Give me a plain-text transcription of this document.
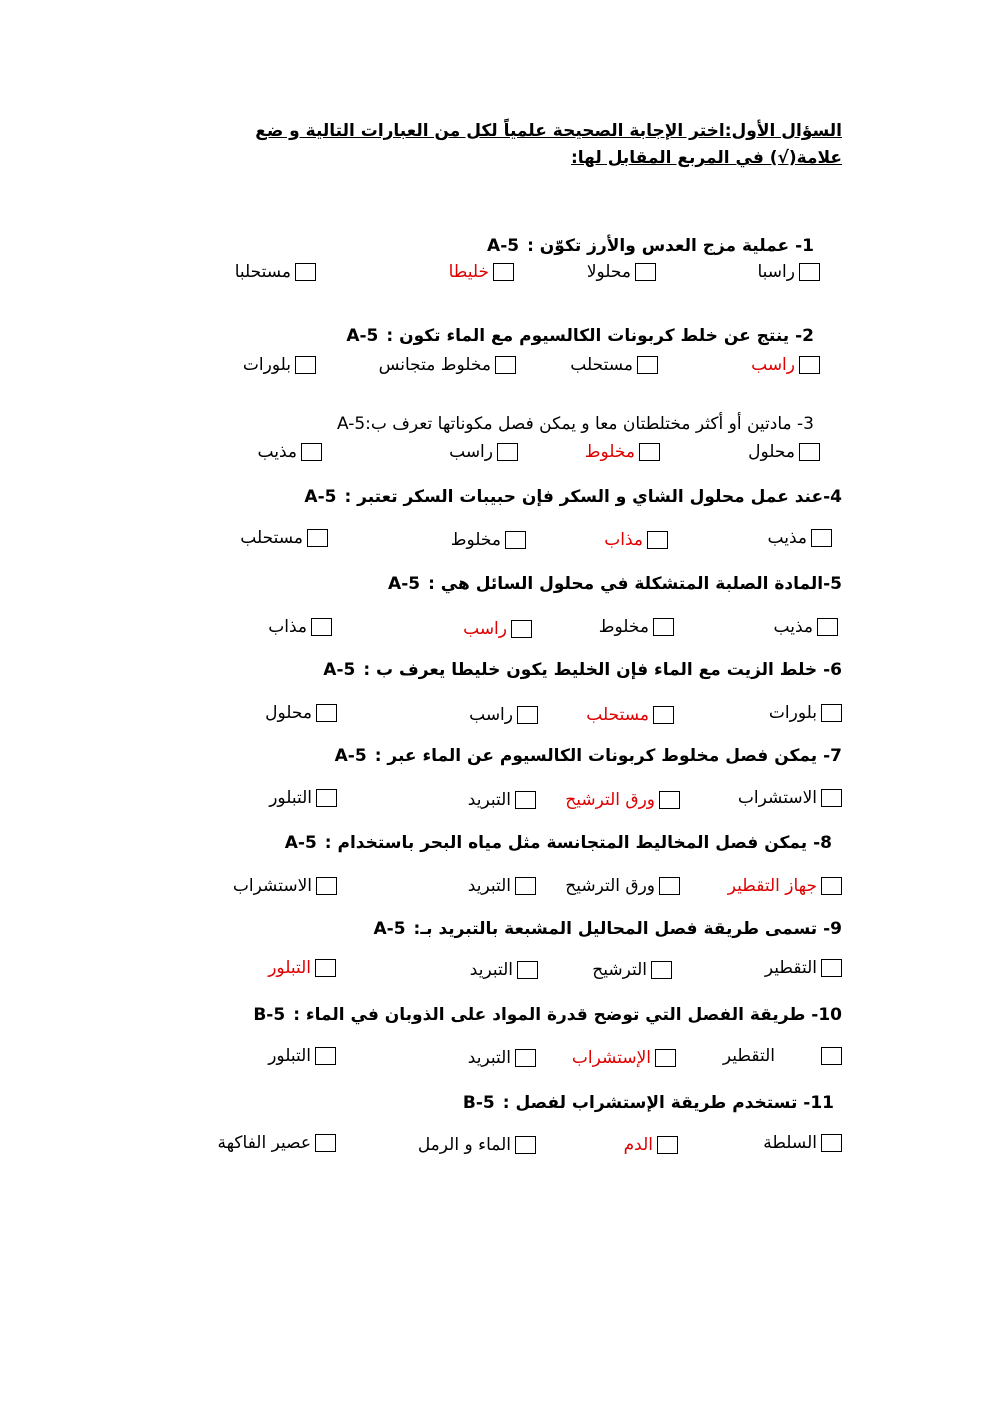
السؤال الأول:اختر الإجابة الصحيحة علمياً لكل من العبارات التالية و ضع علامة(√) في المربع المقابل لها:
1- عملية مزج العدس والأرز تكوّن :A-5
راسبا
محلولا
خليطا
مستحلبا
2- ينتج عن خلط كربونات الكالسيوم مع الماء تكون :A-5
راسب
مستحلب
مخلوط متجانس
بلورات
3- مادتين أو أكثر مختلطتان معا و يمكن فصل مكوناتها تعرف ب:A-5
محلول
مخلوط
راسب
مذيب
4-عند عمل محلول الشاي و السكر فإن حبيبات السكر تعتبر :A-5
مذيب
مذاب
مخلوط
مستحلب
5-المادة الصلبة المتشكلة في محلول السائل هي :A-5
مذيب
مخلوط
راسب
مذاب
6- خلط الزيت مع الماء فإن الخليط يكون خليطا يعرف ب :A-5
بلورات
مستحلب
راسب
محلول
7- يمكن فصل مخلوط كربونات الكالسيوم عن الماء عبر :A-5
الاستشراب
ورق الترشيح
التبريد
التبلور
8- يمكن فصل المخاليط المتجانسة مثل مياه البحر باستخدام :A-5
جهاز التقطير
ورق الترشيح
التبريد
الاستشراب
9- تسمى طريقة فصل المحاليل المشبعة بالتبريد بـ:A-5
التقطير
الترشيح
التبريد
التبلور
10- طريقة الفصل التي توضح قدرة المواد على الذوبان في الماء :B-5
التقطير
الإستشراب
التبريد
التبلور
11- تستخدم طريقة الإستشراب لفصل :B-5
السلطة
الدم
الماء و الرمل
عصير الفاكهة
